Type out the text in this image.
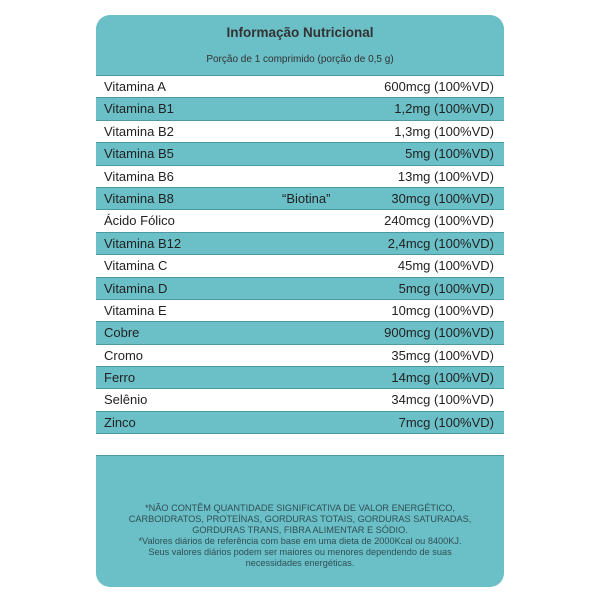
Informação Nutricional
Porção de 1 comprimido (porção de 0,5 g)
Vitamina A	600mcg (100%VD)
Vitamina B1	1,2mg (100%VD)
Vitamina B2	1,3mg (100%VD)
Vitamina B5	5mg (100%VD)
Vitamina B6	13mg (100%VD)
Vitamina B8	“Biotina”	30mcg (100%VD)
Ácido Fólico	240mcg (100%VD)
Vitamina B12	2,4mcg (100%VD)
Vitamina C	45mg (100%VD)
Vitamina D	5mcg (100%VD)
Vitamina E	10mcg (100%VD)
Cobre	900mcg (100%VD)
Cromo	35mcg (100%VD)
Ferro	14mcg (100%VD)
Selênio	34mcg (100%VD)
Zinco	7mcg (100%VD)
*NÃO CONTÊM QUANTIDADE SIGNIFICATIVA DE VALOR ENERGÉTICO,
CARBOIDRATOS, PROTEÍNAS, GORDURAS TOTAIS, GORDURAS SATURADAS,
GORDURAS TRANS, FIBRA ALIMENTAR E SÓDIO.
*Valores diários de referência com base em uma dieta de 2000Kcal ou 8400KJ.
Seus valores diários podem ser maiores ou menores dependendo de suas
necessidades energéticas.
